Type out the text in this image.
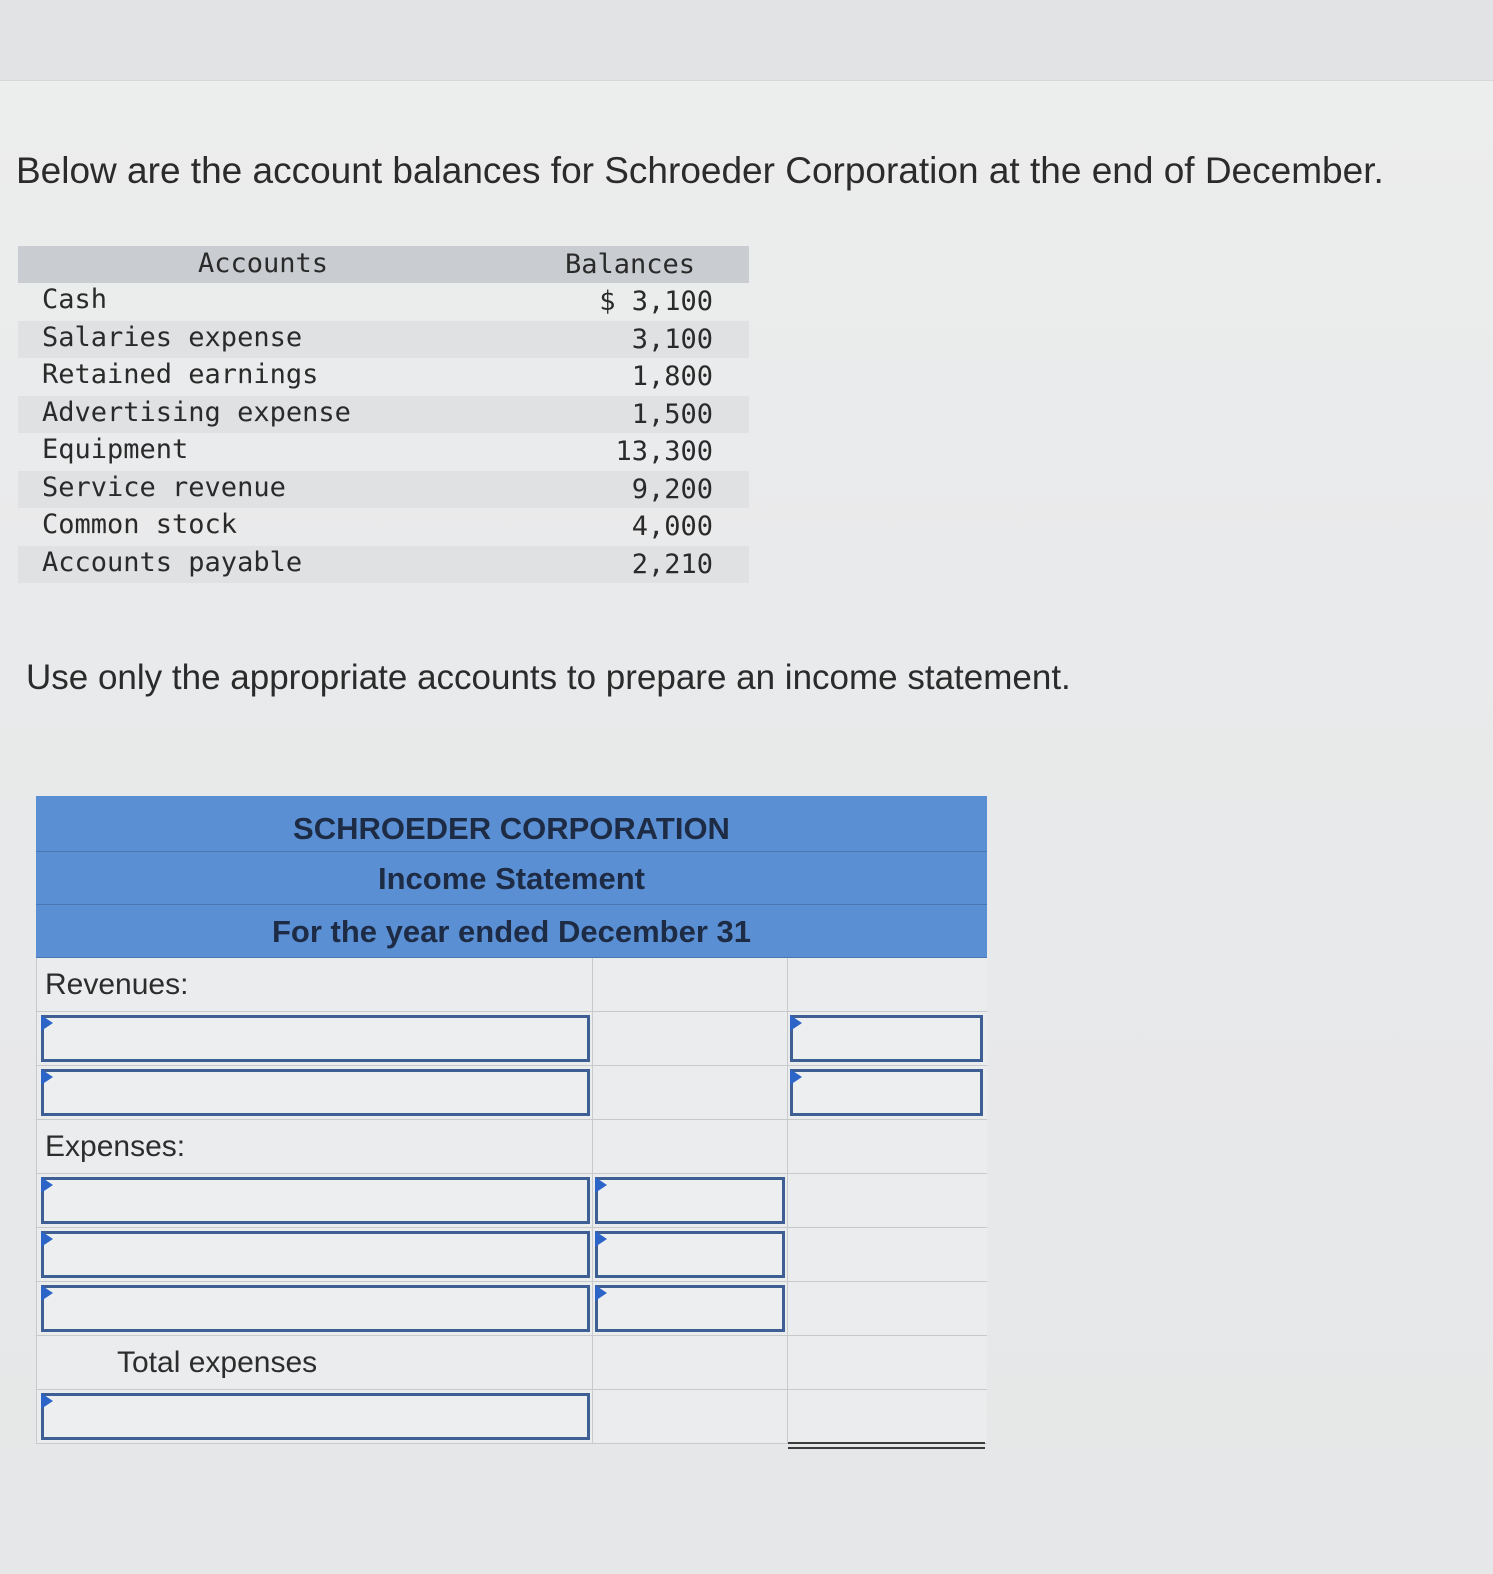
Below are the account balances for Schroeder Corporation at the end of December.
Accounts	Balances
Cash	$ 3,100
Salaries expense	3,100
Retained earnings	1,800
Advertising expense	1,500
Equipment	13,300
Service revenue	9,200
Common stock	4,000
Accounts payable	2,210
Use only the appropriate accounts to prepare an income statement.
SCHROEDER CORPORATION
Income Statement
For the year ended December 31
Revenues:
Expenses:
Total expenses
